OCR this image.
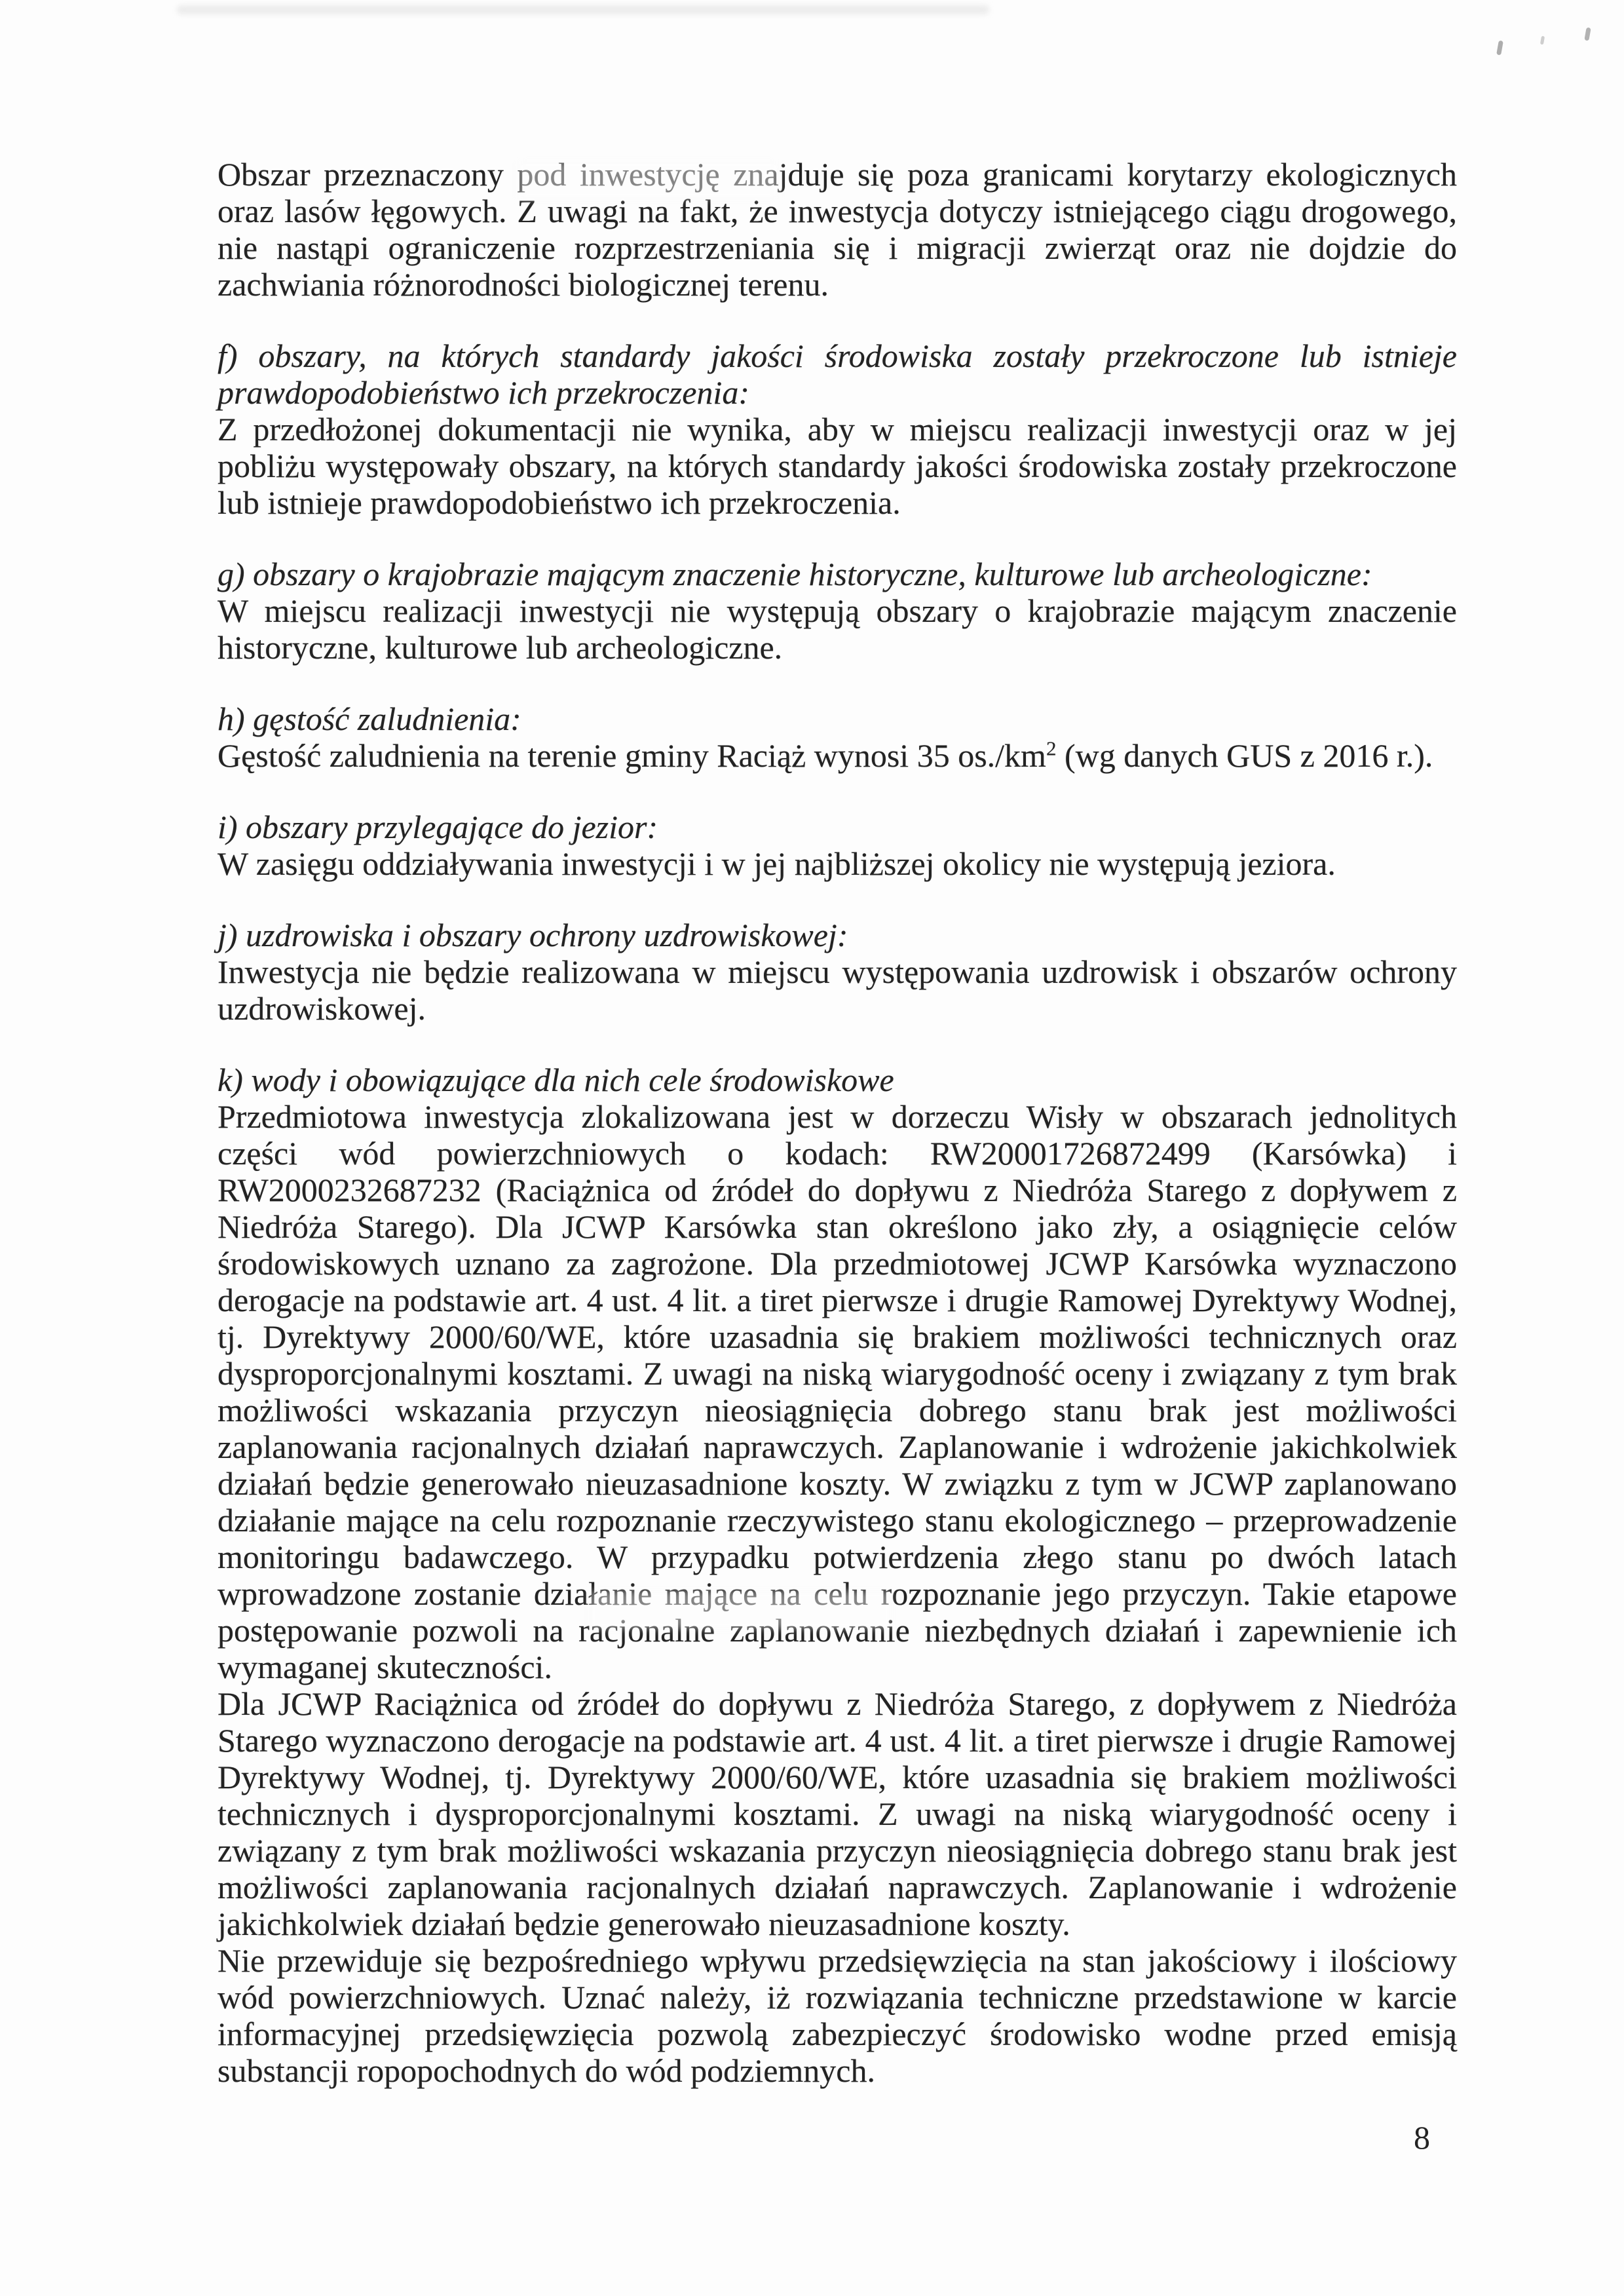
Obszar przeznaczony pod inwestycję znajduje się poza granicami korytarzy ekologicznych oraz lasów łęgowych. Z uwagi na fakt, że inwestycja dotyczy istniejącego ciągu drogowego, nie nastąpi ograniczenie rozprzestrzeniania się i migracji zwierząt oraz nie dojdzie do zachwiania różnorodności biologicznej terenu.

f) obszary, na których standardy jakości środowiska zostały przekroczone lub istnieje prawdopodobieństwo ich przekroczenia:

Z przedłożonej dokumentacji nie wynika, aby w miejscu realizacji inwestycji oraz w jej pobliżu występowały obszary, na których standardy jakości środowiska zostały przekroczone lub istnieje prawdopodobieństwo ich przekroczenia.

g) obszary o krajobrazie mającym znaczenie historyczne, kulturowe lub archeologiczne:

W miejscu realizacji inwestycji nie występują obszary o krajobrazie mającym znaczenie historyczne, kulturowe lub archeologiczne.

h) gęstość zaludnienia:

Gęstość zaludnienia na terenie gminy Raciąż wynosi 35 $os./km^2$ (wg danych GUS z 2016 r.).

i) obszary przylegające do jezior:

W zasięgu oddziaływania inwestycji i w jej najbliższej okolicy nie występują jeziora.

j) uzdrowiska i obszary ochrony uzdrowiskowej:

Inwestycja nie będzie realizowana w miejscu występowania uzdrowisk i obszarów ochrony uzdrowiskowej.

k) wody i obowiązujące dla nich cele środowiskowe

Przedmiotowa inwestycja zlokalizowana jest w dorzeczu Wisły w obszarach jednolitych części wód powierzchniowych o kodach: RW20001726872499 (Karsówka) i RW2000232687232 (Raciążnica od źródeł do dopływu z Niedróża Starego z dopływem z Niedróża Starego). Dla JCWP Karsówka stan określono jako zły, a osiągnięcie celów środowiskowych uznano za zagrożone. Dla przedmiotowej JCWP Karsówka wyznaczono derogacje na podstawie art. 4 ust. 4 lit. a tiret pierwsze i drugie Ramowej Dyrektywy Wodnej, tj. Dyrektywy 2000/60/WE, które uzasadnia się brakiem możliwości technicznych oraz dysproporcjonalnymi kosztami. Z uwagi na niską wiarygodność oceny i związany z tym brak możliwości wskazania przyczyn nieosiągnięcia dobrego stanu brak jest możliwości zaplanowania racjonalnych działań naprawczych. Zaplanowanie i wdrożenie jakichkolwiek działań będzie generowało nieuzasadnione koszty. W związku z tym w JCWP zaplanowano działanie mające na celu rozpoznanie rzeczywistego stanu ekologicznego – przeprowadzenie monitoringu badawczego. W przypadku potwierdzenia złego stanu po dwóch latach wprowadzone zostanie działanie mające na celu rozpoznanie jego przyczyn. Takie etapowe postępowanie pozwoli na racjonalne zaplanowanie niezbędnych działań i zapewnienie ich wymaganej skuteczności.

Dla JCWP Raciążnica od źródeł do dopływu z Niedróża Starego, z dopływem z Niedróża Starego wyznaczono derogacje na podstawie art. 4 ust. 4 lit. a tiret pierwsze i drugie Ramowej Dyrektywy Wodnej, tj. Dyrektywy 2000/60/WE, które uzasadnia się brakiem możliwości technicznych i dysproporcjonalnymi kosztami. Z uwagi na niską wiarygodność oceny i związany z tym brak możliwości wskazania przyczyn nieosiągnięcia dobrego stanu brak jest możliwości zaplanowania racjonalnych działań naprawczych. Zaplanowanie i wdrożenie jakichkolwiek działań będzie generowało nieuzasadnione koszty.

Nie przewiduje się bezpośredniego wpływu przedsięwzięcia na stan jakościowy i ilościowy wód powierzchniowych. Uznać należy, iż rozwiązania techniczne przedstawione w karcie informacyjnej przedsięwzięcia pozwolą zabezpieczyć środowisko wodne przed emisją substancji ropopochodnych do wód podziemnych.

8
